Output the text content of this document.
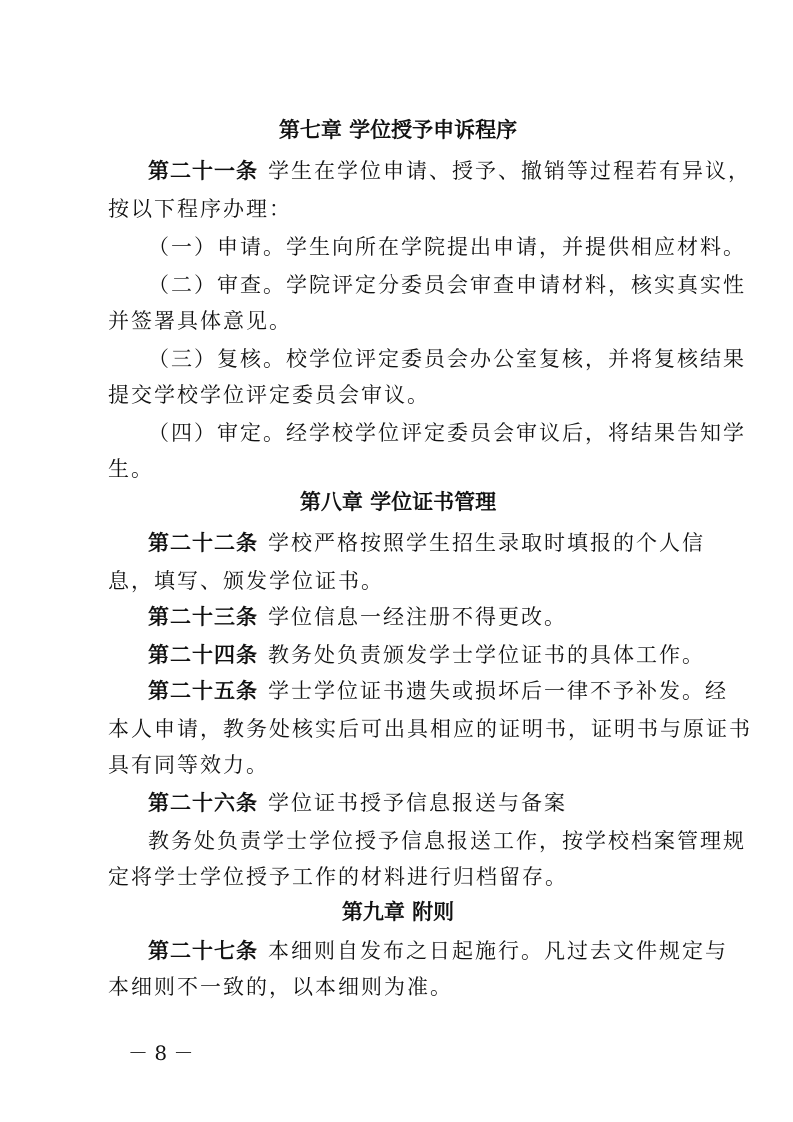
第七章 学位授予申诉程序
第二十一条 学生在学位申请、授予、撤销等过程若有异议，
按以下程序办理：
（一）申请。学生向所在学院提出申请，并提供相应材料。
（二）审查。学院评定分委员会审查申请材料，核实真实性
并签署具体意见。
（三）复核。校学位评定委员会办公室复核，并将复核结果
提交学校学位评定委员会审议。
（四）审定。经学校学位评定委员会审议后，将结果告知学
生。
第八章 学位证书管理
第二十二条 学校严格按照学生招生录取时填报的个人信
息，填写、颁发学位证书。
第二十三条 学位信息一经注册不得更改。
第二十四条 教务处负责颁发学士学位证书的具体工作。
第二十五条 学士学位证书遗失或损坏后一律不予补发。经
本人申请，教务处核实后可出具相应的证明书，证明书与原证书
具有同等效力。
第二十六条 学位证书授予信息报送与备案
教务处负责学士学位授予信息报送工作，按学校档案管理规
定将学士学位授予工作的材料进行归档留存。
第九章 附则
第二十七条 本细则自发布之日起施行。凡过去文件规定与
本细则不一致的，以本细则为准。
－ 8 －
